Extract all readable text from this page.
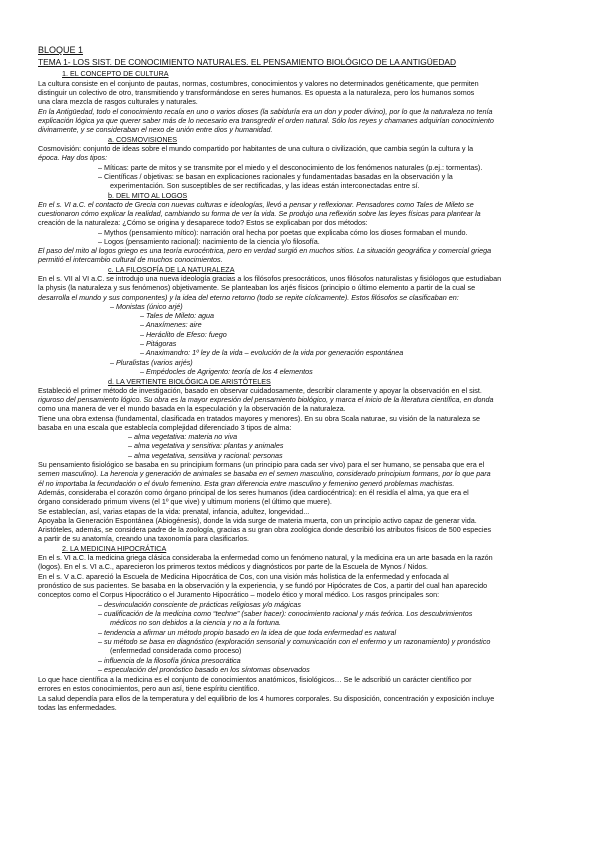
BLOQUE 1
TEMA 1- LOS SIST. DE CONOCIMIENTO NATURALES. EL PENSAMIENTO BIOLÓGICO DE LA ANTIGÜEDAD
1. EL CONCEPTO DE CULTURA
La cultura consiste en el conjunto de pautas, normas, costumbres, conocimientos y valores no determinados genéticamente, que permiten
distinguir un colectivo de otro, transmitiendo y transformándose en seres humanos. Es opuesta a la naturaleza, pero los humanos somos
una clara mezcla de rasgos culturales y naturales.
En la Antigüedad, todo el conocimiento recaía en uno o varios dioses (la sabiduría era un don y poder divino), por lo que la naturaleza no tenía
explicación lógica ya que querer saber más de lo necesario era transgredir el orden natural. Sólo los reyes y chamanes adquirían conocimiento
divinamente, y se consideraban el nexo de unión entre dios y humanidad.
a. COSMOVISIONES
Cosmovisión: conjunto de ideas sobre el mundo compartido por habitantes de una cultura o civilización, que cambia según la cultura y la
época. Hay dos tipos:
– Míticas: parte de mitos y se transmite por el miedo y el desconocimiento de los fenómenos naturales (p.ej.: tormentas).
– Científicas / objetivas: se basan en explicaciones racionales y fundamentadas basadas en la observación y la
experimentación. Son susceptibles de ser rectificadas, y las ideas están interconectadas entre sí.
b. DEL MITO AL LOGOS
En el s. VI a.C. el contacto de Grecia con nuevas culturas e ideologías, llevó a pensar y reflexionar. Pensadores como Tales de Mileto se
cuestionaron cómo explicar la realidad, cambiando su forma de ver la vida. Se produjo una reflexión sobre las leyes físicas para plantear la
creación de la naturaleza: ¿Cómo se origina y desaparece todo? Estos se explicaban por dos métodos:
– Mythos (pensamiento mítico): narración oral hecha por poetas que explicaba cómo los dioses formaban el mundo.
– Logos (pensamiento racional): nacimiento de la ciencia y/o filosofía.
El paso del mito al logos griego es una teoría eurocéntrica, pero en verdad surgió en muchos sitios. La situación geográfica y comercial griega
permitió el intercambio cultural de muchos conocimientos.
c. LA FILOSOFÍA DE LA NATURALEZA
En el s. VII al VI a.C. se introdujo una nueva ideología gracias a los filósofos presocráticos, unos filósofos naturalistas y fisiólogos que estudiaban
la physis (la naturaleza y sus fenómenos) objetivamente. Se planteaban los arjés físicos (principio o último elemento a partir de la cual se
desarrolla el mundo y sus componentes) y la idea del eterno retorno (todo se repite cíclicamente). Estos filósofos se clasificaban en:
– Monistas (único arjé)
– Tales de Mileto: agua
– Anaxímenes: aire
– Heráclito de Efeso: fuego
– Pitágoras
– Anaximandro: 1º ley de la vida – evolución de la vida por generación espontánea
– Pluralistas (varios arjés)
– Empédocles de Agrigento: teoría de los 4 elementos
d. LA VERTIENTE BIOLÓGICA DE ARISTÓTELES
Estableció el primer método de investigación, basado en observar cuidadosamente, describir claramente y apoyar la observación en el sist.
riguroso del pensamiento lógico. Su obra es la mayor expresión del pensamiento biológico, y marca el inicio de la literatura científica, en donda
como una manera de ver el mundo basada en la especulación y la observación de la naturaleza.
Tiene una obra extensa (fundamental, clasificada en tratados mayores y menores). En su obra Scala naturae, su visión de la naturaleza se
basaba en una escala que establecía complejidad diferenciado 3 tipos de alma:
– alma vegetativa: materia no viva
– alma vegetativa y sensitiva: plantas y animales
– alma vegetativa, sensitiva y racional: personas
Su pensamiento fisiológico se basaba en su principium formans (un principio para cada ser vivo) para el ser humano, se pensaba que era el
semen masculino). La herencia y generación de animales se basaba en el semen masculino, considerado principium formans, por lo que para
él no importaba la fecundación o el óvulo femenino. Esta gran diferencia entre masculino y femenino generó problemas machistas.
Además, consideraba el corazón como órgano principal de los seres humanos (idea cardiocéntrica): en él residía el alma, ya que era el
órgano considerado primum vivens (el 1º que vive) y ultimum moriens (el último que muere).
Se establecían, así, varias etapas de la vida: prenatal, infancia, adultez, longevidad...
Apoyaba la Generación Espontánea (Abiogénesis), donde la vida surge de materia muerta, con un principio activo capaz de generar vida.
Aristóteles, además, se considera padre de la zoología, gracias a su gran obra zoológica donde describió los atributos físicos de 500 especies
a partir de su anatomía, creando una taxonomía para clasificarlos.
2. LA MEDICINA HIPOCRÁTICA
En el s. VI a.C. la medicina griega clásica consideraba la enfermedad como un fenómeno natural, y la medicina era un arte basada en la razón
(logos). En el s. VI a.C., aparecieron los primeros textos médicos y diagnósticos por parte de la Escuela de Mynos / Nidos.
En el s. V a.C. apareció la Escuela de Medicina Hipocrática de Cos, con una visión más holística de la enfermedad y enfocada al
pronóstico de sus pacientes. Se basaba en la observación y la experiencia, y se fundó por Hipócrates de Cos, a partir del cual han aparecido
conceptos como el Corpus Hipocrático o el Juramento Hipocrático – modelo ético y moral médico. Los rasgos principales son:
– desvinculación consciente de prácticas religiosas y/o mágicas
– cualificación de la medicina como “techne” (saber hacer): conocimiento racional y más teórica. Los descubrimientos
médicos no son debidos a la ciencia y no a la fortuna.
– tendencia a afirmar un método propio basado en la idea de que toda enfermedad es natural
– su método se basa en diagnóstico (exploración sensorial y comunicación con el enfermo y un razonamiento) y pronóstico
(enfermedad considerada como proceso)
– influencia de la filosofía jónica presocrática
– especulación del pronóstico basado en los síntomas observados
Lo que hace científica a la medicina es el conjunto de conocimientos anatómicos, fisiológicos… Se le adscribió un carácter científico por
errores en estos conocimientos, pero aun así, tiene espíritu científico.
La salud dependía para ellos de la temperatura y del equilibrio de los 4 humores corporales. Su disposición, concentración y exposición incluye
todas las enfermedades.
